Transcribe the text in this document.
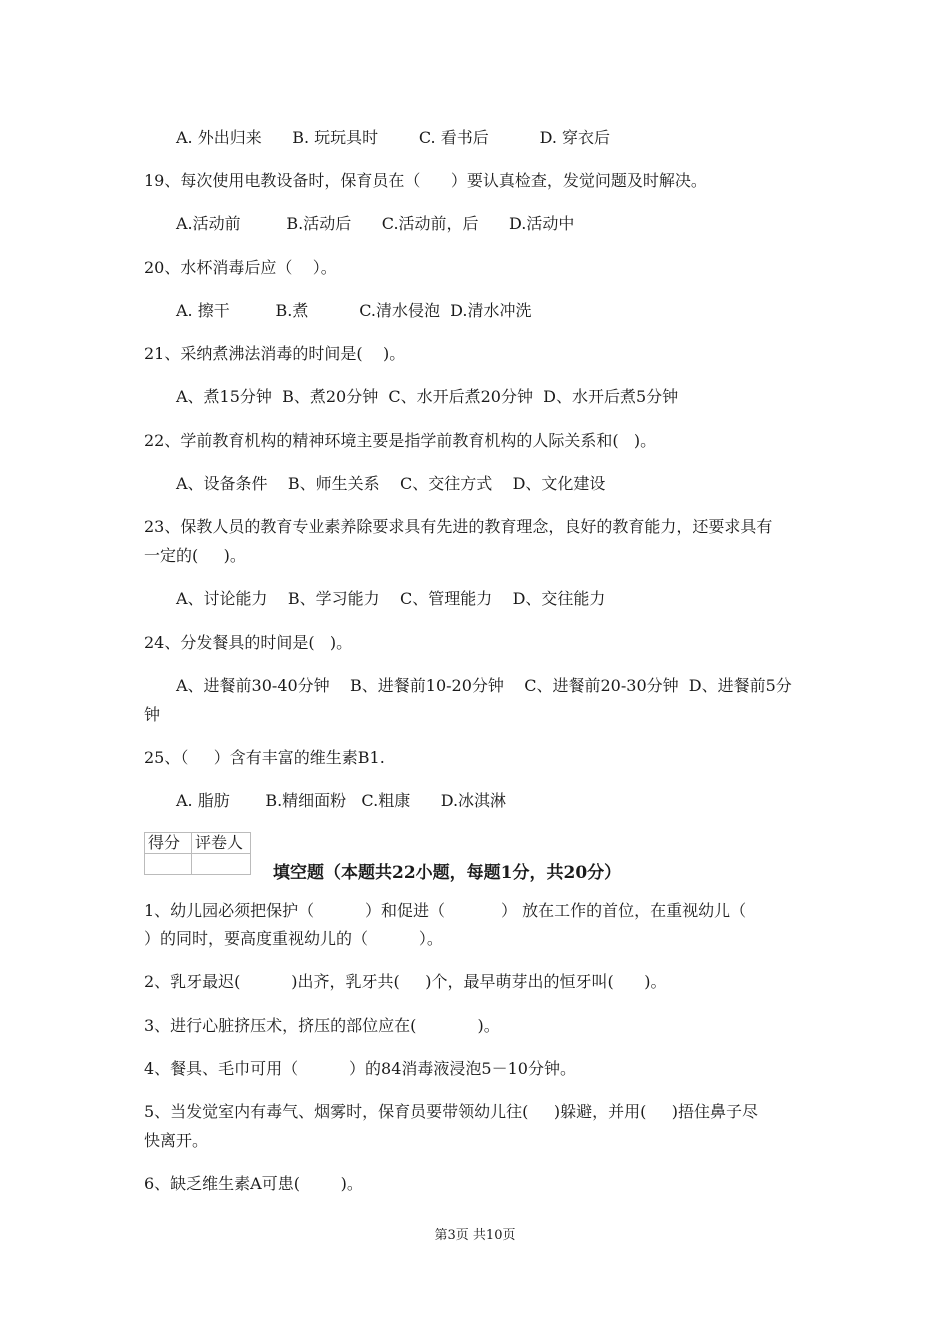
A. 外出归来      B. 玩玩具时        C. 看书后          D. 穿衣后
19、每次使用电教设备时，保育员在（      ）要认真检查，发觉问题及时解决。
A.活动前         B.活动后      C.活动前，后      D.活动中
20、水杯消毒后应（    ）。
A. 擦干         B.煮          C.清水侵泡  D.清水冲洗
21、采纳煮沸法消毒的时间是(    )。
A、煮15分钟  B、煮20分钟  C、水开后煮20分钟  D、水开后煮5分钟
22、学前教育机构的精神环境主要是指学前教育机构的人际关系和(   )。
A、设备条件    B、师生关系    C、交往方式    D、文化建设
23、保教人员的教育专业素养除要求具有先进的教育理念，良好的教育能力，还要求具有
一定的(     )。
A、讨论能力    B、学习能力    C、管理能力    D、交往能力
24、分发餐具的时间是(   )。
A、进餐前30-40分钟    B、进餐前10-20分钟    C、进餐前20-30分钟  D、进餐前5分
钟
25、（     ）含有丰富的维生素B1.
A. 脂肪       B.精细面粉   C.粗康      D.冰淇淋
得分	评卷人

填空题（本题共22小题，每题1分，共20分）
1、幼儿园必须把保护（          ）和促进（           ） 放在工作的首位，在重视幼儿（
）的同时，要高度重视幼儿的（          ）。
2、乳牙最迟(          )出齐，乳牙共(     )个，最早萌芽出的恒牙叫(      )。
3、进行心脏挤压术，挤压的部位应在(            )。
4、餐具、毛巾可用（          ）的84消毒液浸泡5－10分钟。
5、当发觉室内有毒气、烟雾时，保育员要带领幼儿往(     )躲避，并用(     )捂住鼻子尽
快离开。
6、缺乏维生素A可患(        )。
第3页 共10页
